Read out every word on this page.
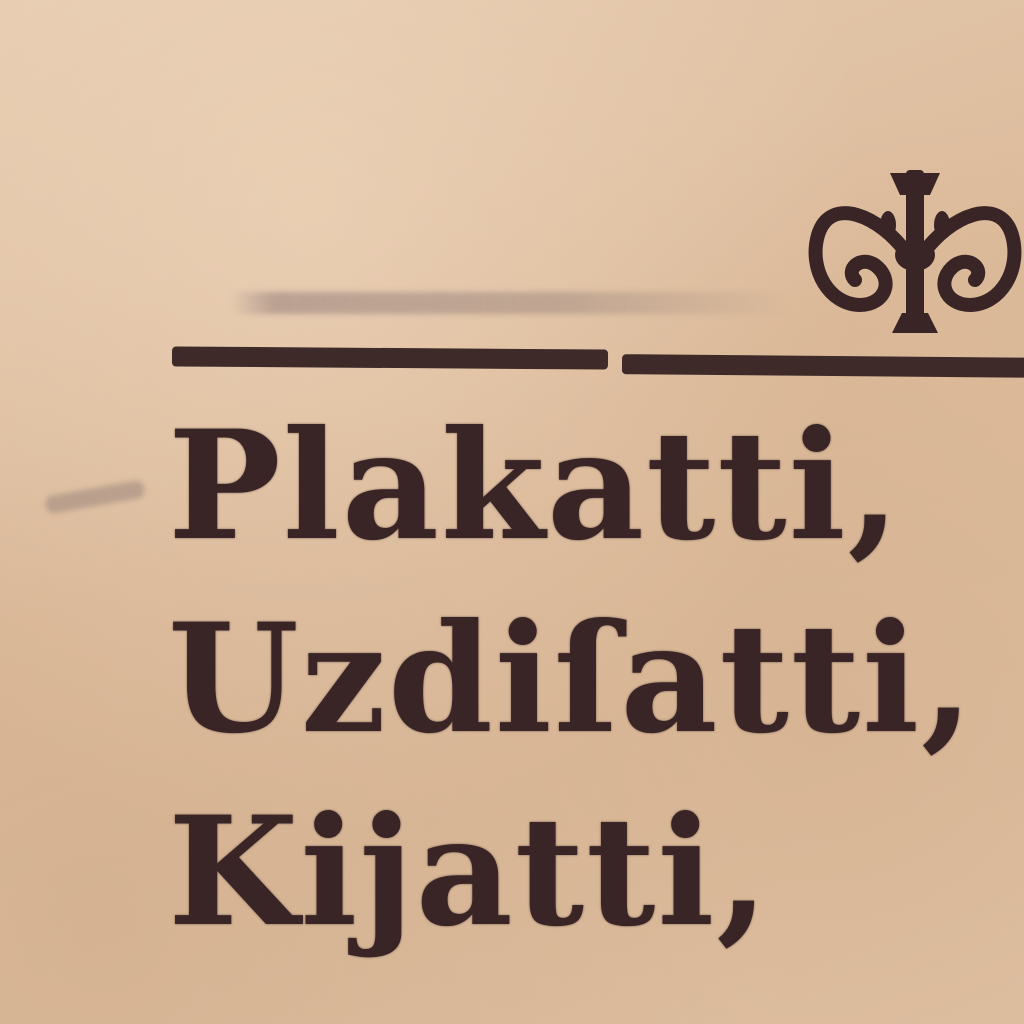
Plakatti,
Uzdiſatti,
Kijatti,
